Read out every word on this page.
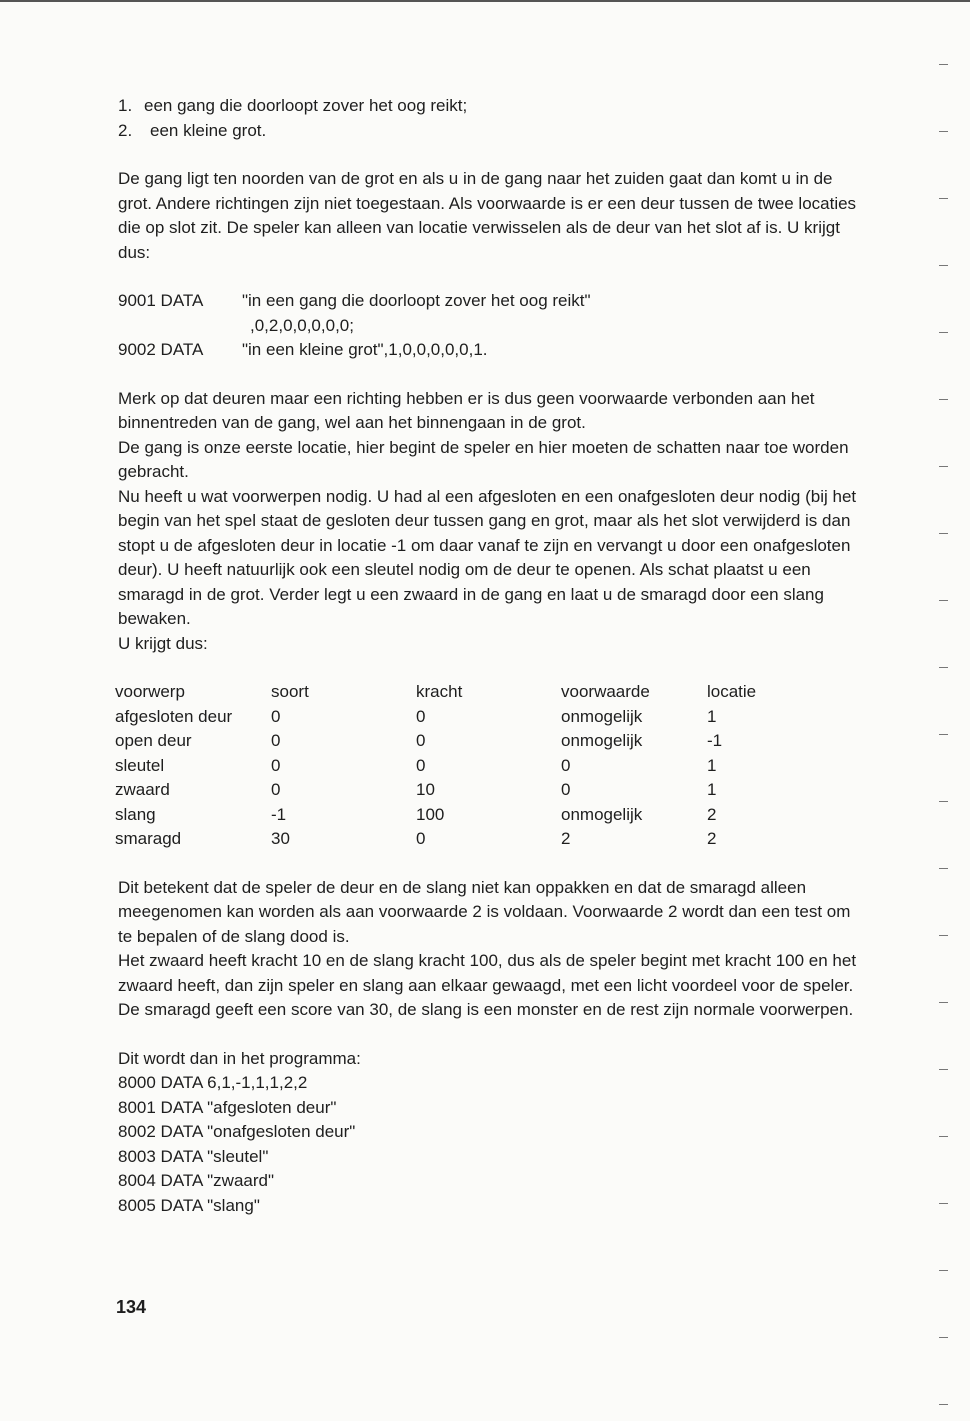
1. een gang die doorloopt zover het oog reikt;
2.	een kleine grot.

De gang ligt ten noorden van de grot en als u in de gang naar het zuiden gaat dan komt u in de grot. Andere richtingen zijn niet toegestaan. Als voorwaarde is er een deur tussen de twee locaties die op slot zit. De speler kan alleen van locatie verwisselen als de deur van het slot af is. U krijgt dus:

9001 DATA	"in een gang die doorloopt zover het oog reikt"
,0,2,0,0,0,0,0;
9002 DATA	"in een kleine grot",1,0,0,0,0,0,1.

Merk op dat deuren maar een richting hebben er is dus geen voorwaarde verbonden aan het binnentreden van de gang, wel aan het binnengaan in de grot.

De gang is onze eerste locatie, hier begint de speler en hier moeten de schatten naar toe worden gebracht.

Nu heeft u wat voorwerpen nodig. U had al een afgesloten en een onafgesloten deur nodig (bij het begin van het spel staat de gesloten deur tussen gang en grot, maar als het slot verwijderd is dan stopt u de afgesloten deur in locatie -1 om daar vanaf te zijn en vervangt u door een onafgesloten deur). U heeft natuurlijk ook een sleutel nodig om de deur te openen. Als schat plaatst u een smaragd in de grot. Verder legt u een zwaard in de gang en laat u de smaragd door een slang bewaken.

U krijgt dus:

voorwerp	soort	kracht	voorwaarde	locatie
afgesloten deur	0	0	onmogelijk	1
open deur	0	0	onmogelijk	-1
sleutel	0	0	0	1
zwaard	0	10	0	1
slang	-1	100	onmogelijk	2
smaragd	30	0	2	2

Dit betekent dat de speler de deur en de slang niet kan oppakken en dat de smaragd alleen meegenomen kan worden als aan voorwaarde 2 is voldaan. Voorwaarde 2 wordt dan een test om te bepalen of de slang dood is.

Het zwaard heeft kracht 10 en de slang kracht 100, dus als de speler begint met kracht 100 en het zwaard heeft, dan zijn speler en slang aan elkaar gewaagd, met een licht voordeel voor de speler.

De smaragd geeft een score van 30, de slang is een monster en de rest zijn normale voorwerpen.

Dit wordt dan in het programma:
8000 DATA 6,1,-1,1,1,2,2
8001 DATA "afgesloten deur"
8002 DATA "onafgesloten deur"
8003 DATA "sleutel"
8004 DATA "zwaard"
8005 DATA "slang"
134
